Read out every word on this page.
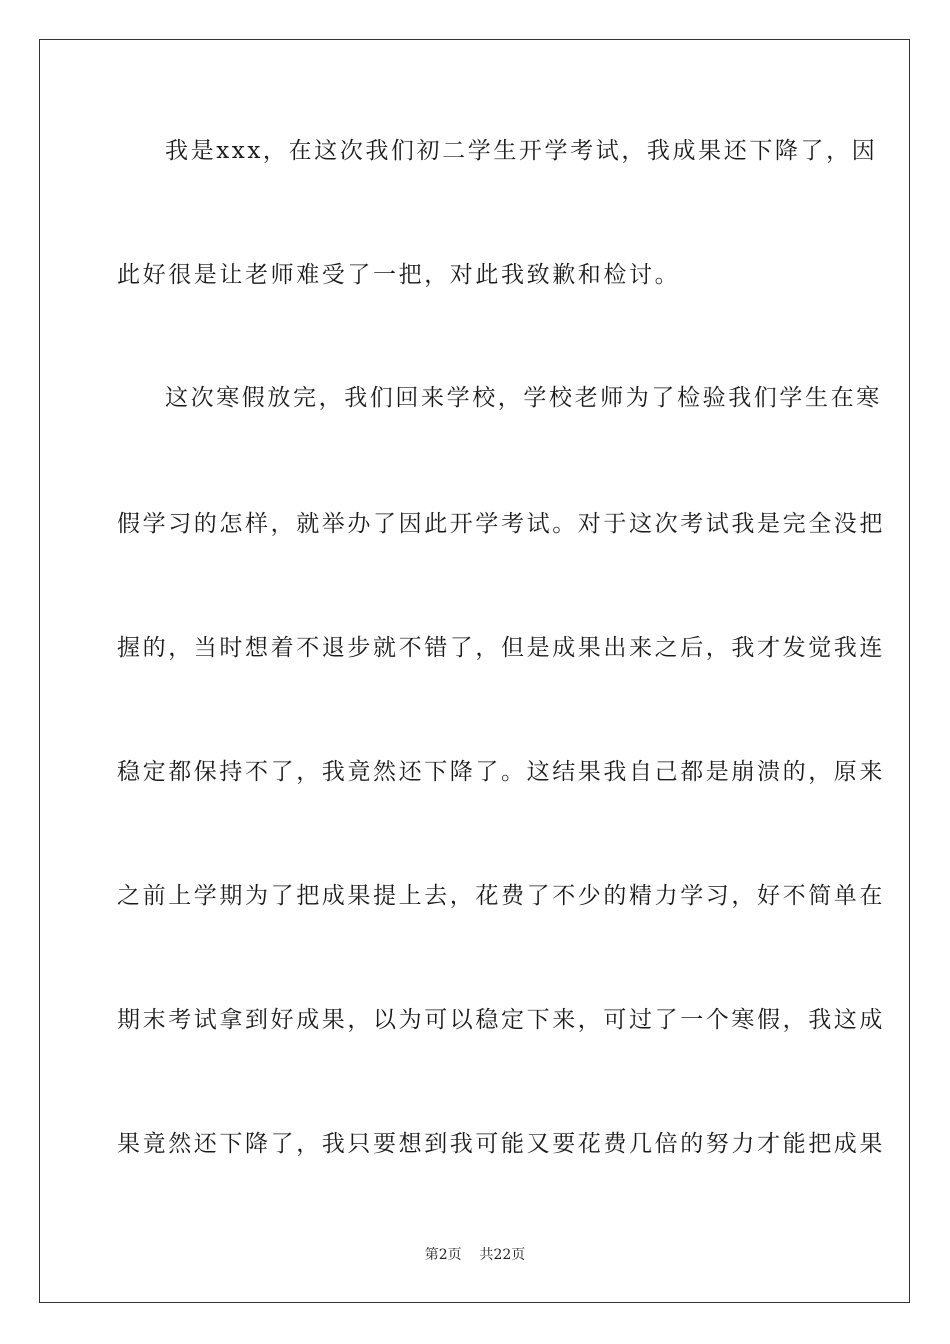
我是xxx，在这次我们初二学生开学考试，我成果还下降了，因
此好很是让老师难受了一把，对此我致歉和检讨。
这次寒假放完，我们回来学校，学校老师为了检验我们学生在寒
假学习的怎样，就举办了因此开学考试。对于这次考试我是完全没把
握的，当时想着不退步就不错了，但是成果出来之后，我才发觉我连
稳定都保持不了，我竟然还下降了。这结果我自己都是崩溃的，原来
之前上学期为了把成果提上去，花费了不少的精力学习，好不简单在
期末考试拿到好成果，以为可以稳定下来，可过了一个寒假，我这成
果竟然还下降了，我只要想到我可能又要花费几倍的努力才能把成果
第2页 共22页
